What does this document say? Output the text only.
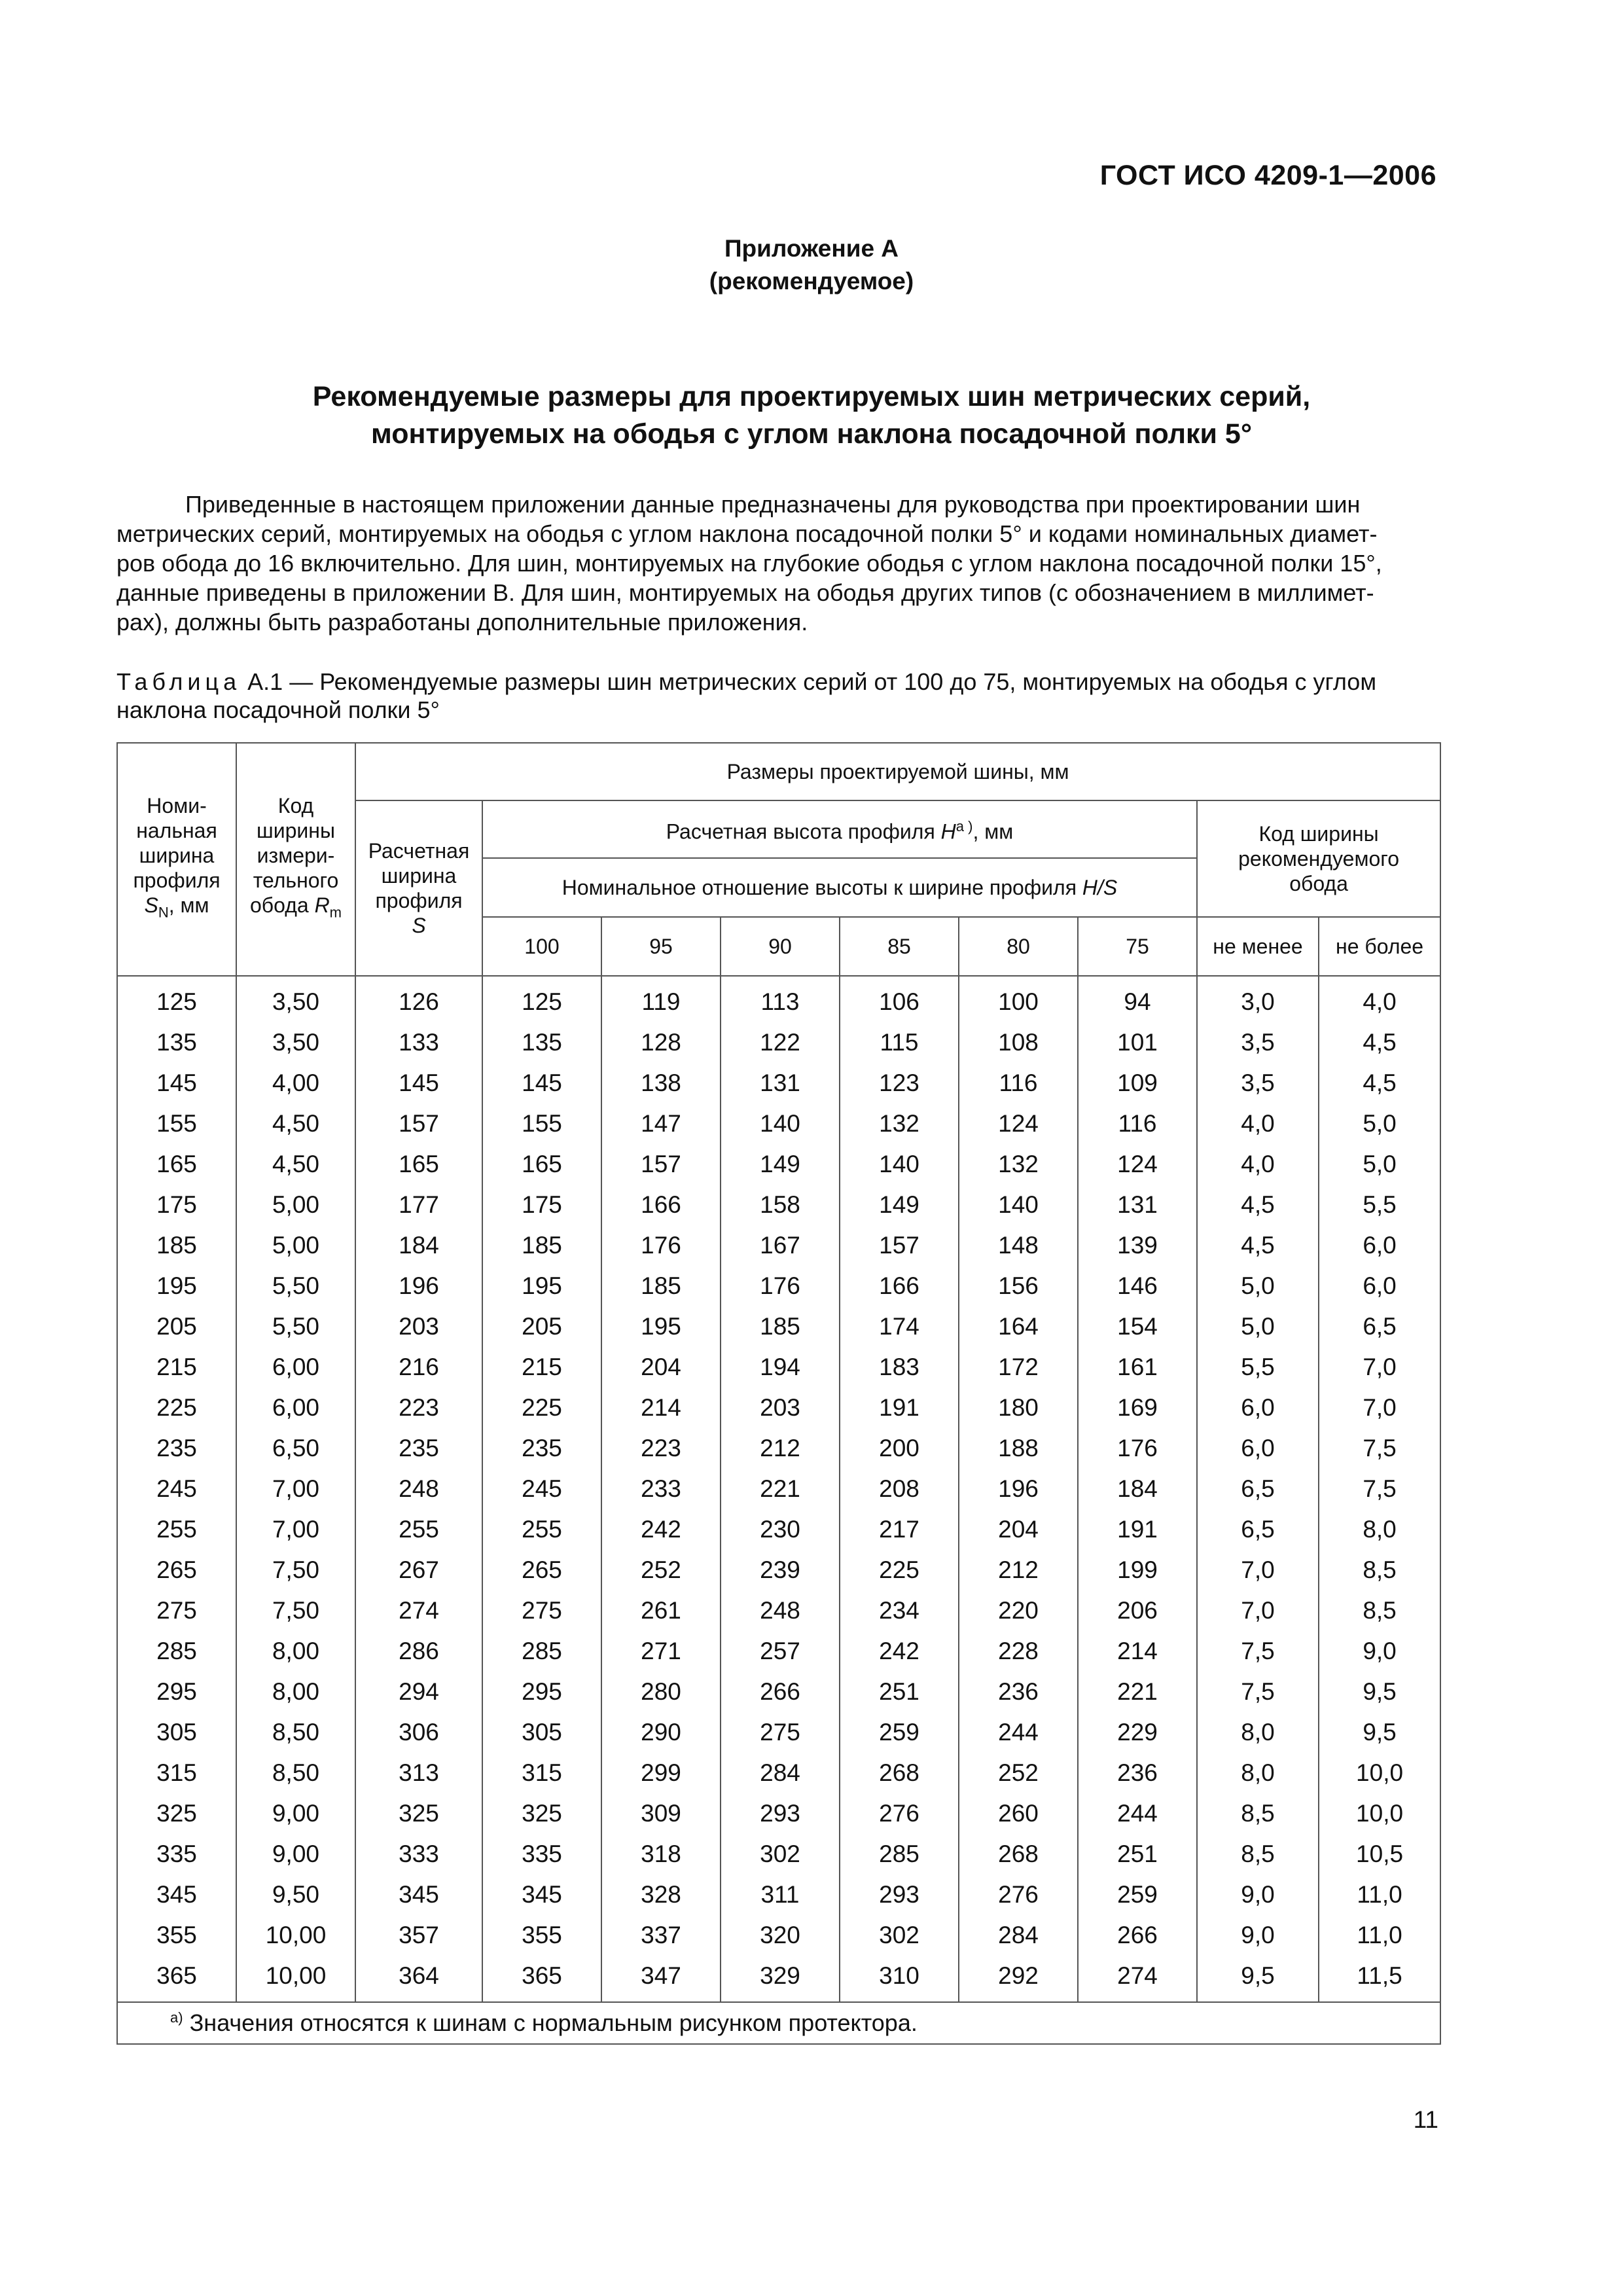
ГОСТ ИСО 4209-1—2006
Приложение А
(рекомендуемое)
Рекомендуемые размеры для проектируемых шин метрических серий,
монтируемых на ободья с углом наклона посадочной полки 5°
Приведенные в настоящем приложении данные предназначены для руководства при проектировании шин
метрических серий, монтируемых на ободья с углом наклона посадочной полки 5° и кодами номинальных диамет-
ров обода до 16 включительно. Для шин, монтируемых на глубокие ободья с углом наклона посадочной полки 15°,
данные приведены в приложении В. Для шин, монтируемых на ободья других типов (с обозначением в миллимет-
рах), должны быть разработаны дополнительные приложения.
Таблица А.1 — Рекомендуемые размеры шин метрических серий от 100 до 75, монтируемых на ободья с углом
наклона посадочной полки 5°
Номи-
нальная
ширина
профиля
$S_N$, мм	Код
ширины
измери-
тельного
обода $R_m$	Размеры проектируемой шины, мм								
		Расчетная
ширина
профиля
S	Расчетная высота профиля $H^{a )}$, мм						Код ширины
рекомендуемого
обода	
			Номинальное отношение высоты к ширине профиля H/S							
			100	95	90	85	80	75	не менее	не более
125	3,50	126	125	119	113	106	100	94	3,0	4,0
135	3,50	133	135	128	122	115	108	101	3,5	4,5
145	4,00	145	145	138	131	123	116	109	3,5	4,5
155	4,50	157	155	147	140	132	124	116	4,0	5,0
165	4,50	165	165	157	149	140	132	124	4,0	5,0
175	5,00	177	175	166	158	149	140	131	4,5	5,5
185	5,00	184	185	176	167	157	148	139	4,5	6,0
195	5,50	196	195	185	176	166	156	146	5,0	6,0
205	5,50	203	205	195	185	174	164	154	5,0	6,5
215	6,00	216	215	204	194	183	172	161	5,5	7,0
225	6,00	223	225	214	203	191	180	169	6,0	7,0
235	6,50	235	235	223	212	200	188	176	6,0	7,5
245	7,00	248	245	233	221	208	196	184	6,5	7,5
255	7,00	255	255	242	230	217	204	191	6,5	8,0
265	7,50	267	265	252	239	225	212	199	7,0	8,5
275	7,50	274	275	261	248	234	220	206	7,0	8,5
285	8,00	286	285	271	257	242	228	214	7,5	9,0
295	8,00	294	295	280	266	251	236	221	7,5	9,5
305	8,50	306	305	290	275	259	244	229	8,0	9,5
315	8,50	313	315	299	284	268	252	236	8,0	10,0
325	9,00	325	325	309	293	276	260	244	8,5	10,0
335	9,00	333	335	318	302	285	268	251	8,5	10,5
345	9,50	345	345	328	311	293	276	259	9,0	11,0
355	10,00	357	355	337	320	302	284	266	9,0	11,0
365	10,00	364	365	347	329	310	292	274	9,5	11,5
$^{a)}$ Значения относятся к шинам с нормальным рисунком протектора.										
11
